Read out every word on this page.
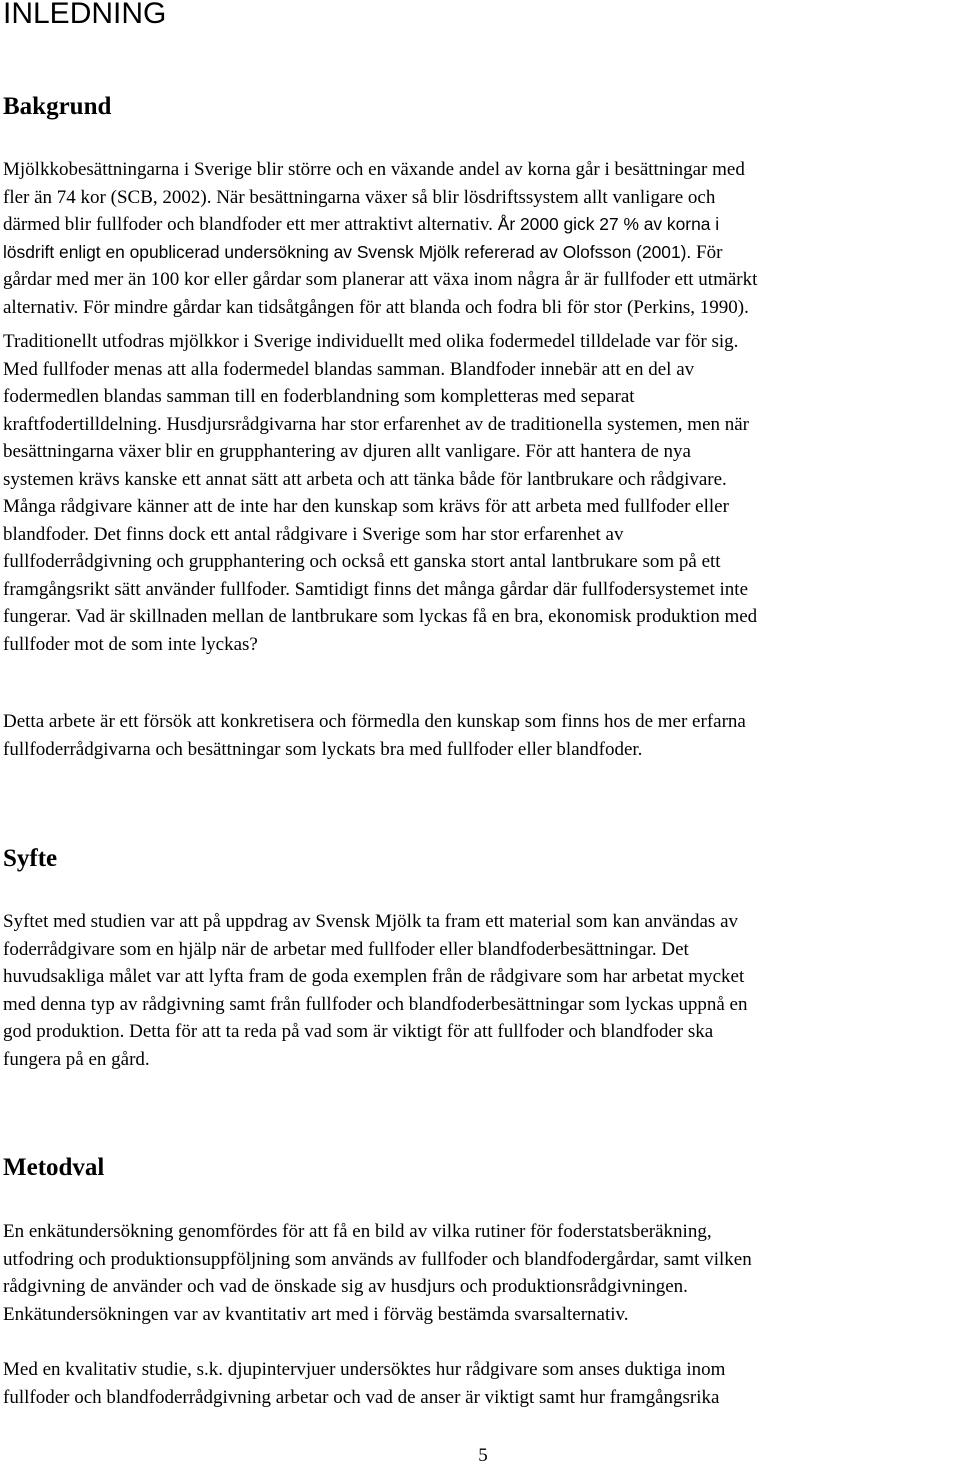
INLEDNING
Bakgrund
Mjölkkobesättningarna i Sverige blir större och en växande andel av korna går i besättningar med
fler än 74 kor (SCB, 2002). När besättningarna växer så blir lösdriftssystem allt vanligare och
därmed blir fullfoder och blandfoder ett mer attraktivt alternativ. År 2000 gick 27 % av korna i
lösdrift enligt en opublicerad undersökning av Svensk Mjölk refererad av Olofsson (2001). För
gårdar med mer än 100 kor eller gårdar som planerar att växa inom några år är fullfoder ett utmärkt
alternativ. För mindre gårdar kan tidsåtgången för att blanda och fodra bli för stor (Perkins, 1990).
Traditionellt utfodras mjölkkor i Sverige individuellt med olika fodermedel tilldelade var för sig.
Med fullfoder menas att alla fodermedel blandas samman. Blandfoder innebär att en del av
fodermedlen blandas samman till en foderblandning som kompletteras med separat
kraftfodertilldelning. Husdjursrådgivarna har stor erfarenhet av de traditionella systemen, men när
besättningarna växer blir en grupphantering av djuren allt vanligare. För att hantera de nya
systemen krävs kanske ett annat sätt att arbeta och att tänka både för lantbrukare och rådgivare.
Många rådgivare känner att de inte har den kunskap som krävs för att arbeta med fullfoder eller
blandfoder. Det finns dock ett antal rådgivare i Sverige som har stor erfarenhet av
fullfoderrådgivning och grupphantering och också ett ganska stort antal lantbrukare som på ett
framgångsrikt sätt använder fullfoder. Samtidigt finns det många gårdar där fullfodersystemet inte
fungerar. Vad är skillnaden mellan de lantbrukare som lyckas få en bra, ekonomisk produktion med
fullfoder mot de som inte lyckas?
Detta arbete är ett försök att konkretisera och förmedla den kunskap som finns hos de mer erfarna
fullfoderrådgivarna och besättningar som lyckats bra med fullfoder eller blandfoder.
Syfte
Syftet med studien var att på uppdrag av Svensk Mjölk ta fram ett material som kan användas av
foderrådgivare som en hjälp när de arbetar med fullfoder eller blandfoderbesättningar. Det
huvudsakliga målet var att lyfta fram de goda exemplen från de rådgivare som har arbetat mycket
med denna typ av rådgivning samt från fullfoder och blandfoderbesättningar som lyckas uppnå en
god produktion. Detta för att ta reda på vad som är viktigt för att fullfoder och blandfoder ska
fungera på en gård.
Metodval
En enkätundersökning genomfördes för att få en bild av vilka rutiner för foderstatsberäkning,
utfodring och produktionsuppföljning som används av fullfoder och blandfodergårdar, samt vilken
rådgivning de använder och vad de önskade sig av husdjurs och produktionsrådgivningen.
Enkätundersökningen var av kvantitativ art med i förväg bestämda svarsalternativ.
Med en kvalitativ studie, s.k. djupintervjuer undersöktes hur rådgivare som anses duktiga inom
fullfoder och blandfoderrådgivning arbetar och vad de anser är viktigt samt hur framgångsrika
5
